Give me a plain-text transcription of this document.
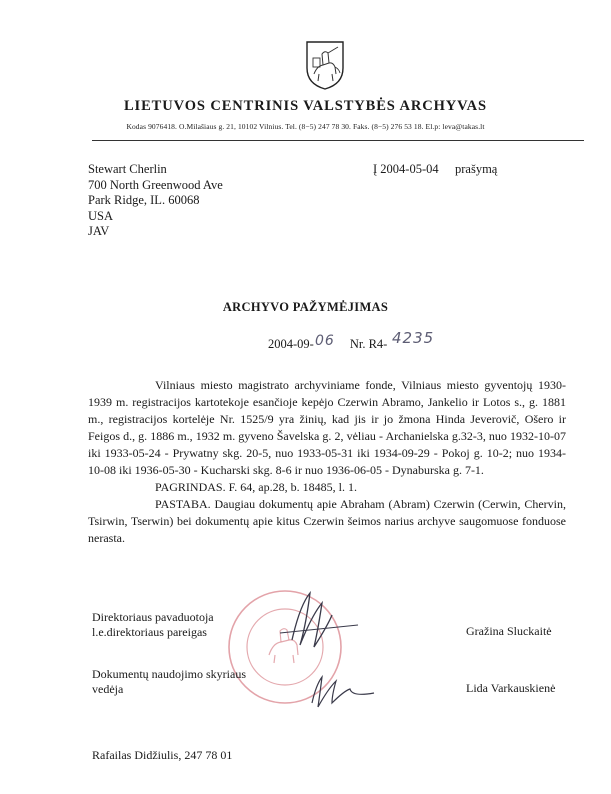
LIETUVOS CENTRINIS VALSTYBĖS ARCHYVAS
Kodas 9076418. O.Milašiaus g. 21, 10102 Vilnius. Tel. (8−5) 247 78 30. Faks. (8−5) 276 53 18. El.p: leva@takas.lt
Stewart Cherlin
700 North Greenwood Ave
Park Ridge, IL. 60068
USA
JAV
Į 2004-05-04 prašymą
ARCHYVO PAŽYMĖJIMAS
2004-09-	Nr. R4-
06	4235

Vilniaus miesto magistrato archyviniame fonde, Vilniaus miesto gyventojų 1930-1939 m. registracijos kartotekoje esančioje kepėjo Czerwin Abramo, Jankelio ir Lotos s., g. 1881 m., registracijos kortelėje Nr. 1525/9 yra žinių, kad jis ir jo žmona Hinda Jeverovič, Ošero ir Feigos d., g. 1886 m., 1932 m. gyveno Šavelska g. 2, vėliau - Archanielska g.32-3, nuo 1932-10-07 iki 1933-05-24 - Prywatny skg. 20-5, nuo 1933-05-31 iki 1934-09-29 - Pokoj g. 10-2; nuo 1934-10-08 iki 1936-05-30 - Kucharski skg. 8-6 ir nuo 1936-06-05 - Dynaburska g. 7-1.

PAGRINDAS. F. 64, ap.28, b. 18485, l. 1.

PASTABA. Daugiau dokumentų apie Abraham (Abram) Czerwin (Cerwin, Chervin, Tsirwin, Tserwin) bei dokumentų apie kitus Czerwin šeimos narius archyve saugomuose fonduose nerasta.

Direktoriaus pavaduotoja
l.e.direktoriaus pareigas	Gražina Sluckaitė
Dokumentų naudojimo skyriaus
vedėja	Lida Varkauskienė
Rafailas Didžiulis, 247 78 01
